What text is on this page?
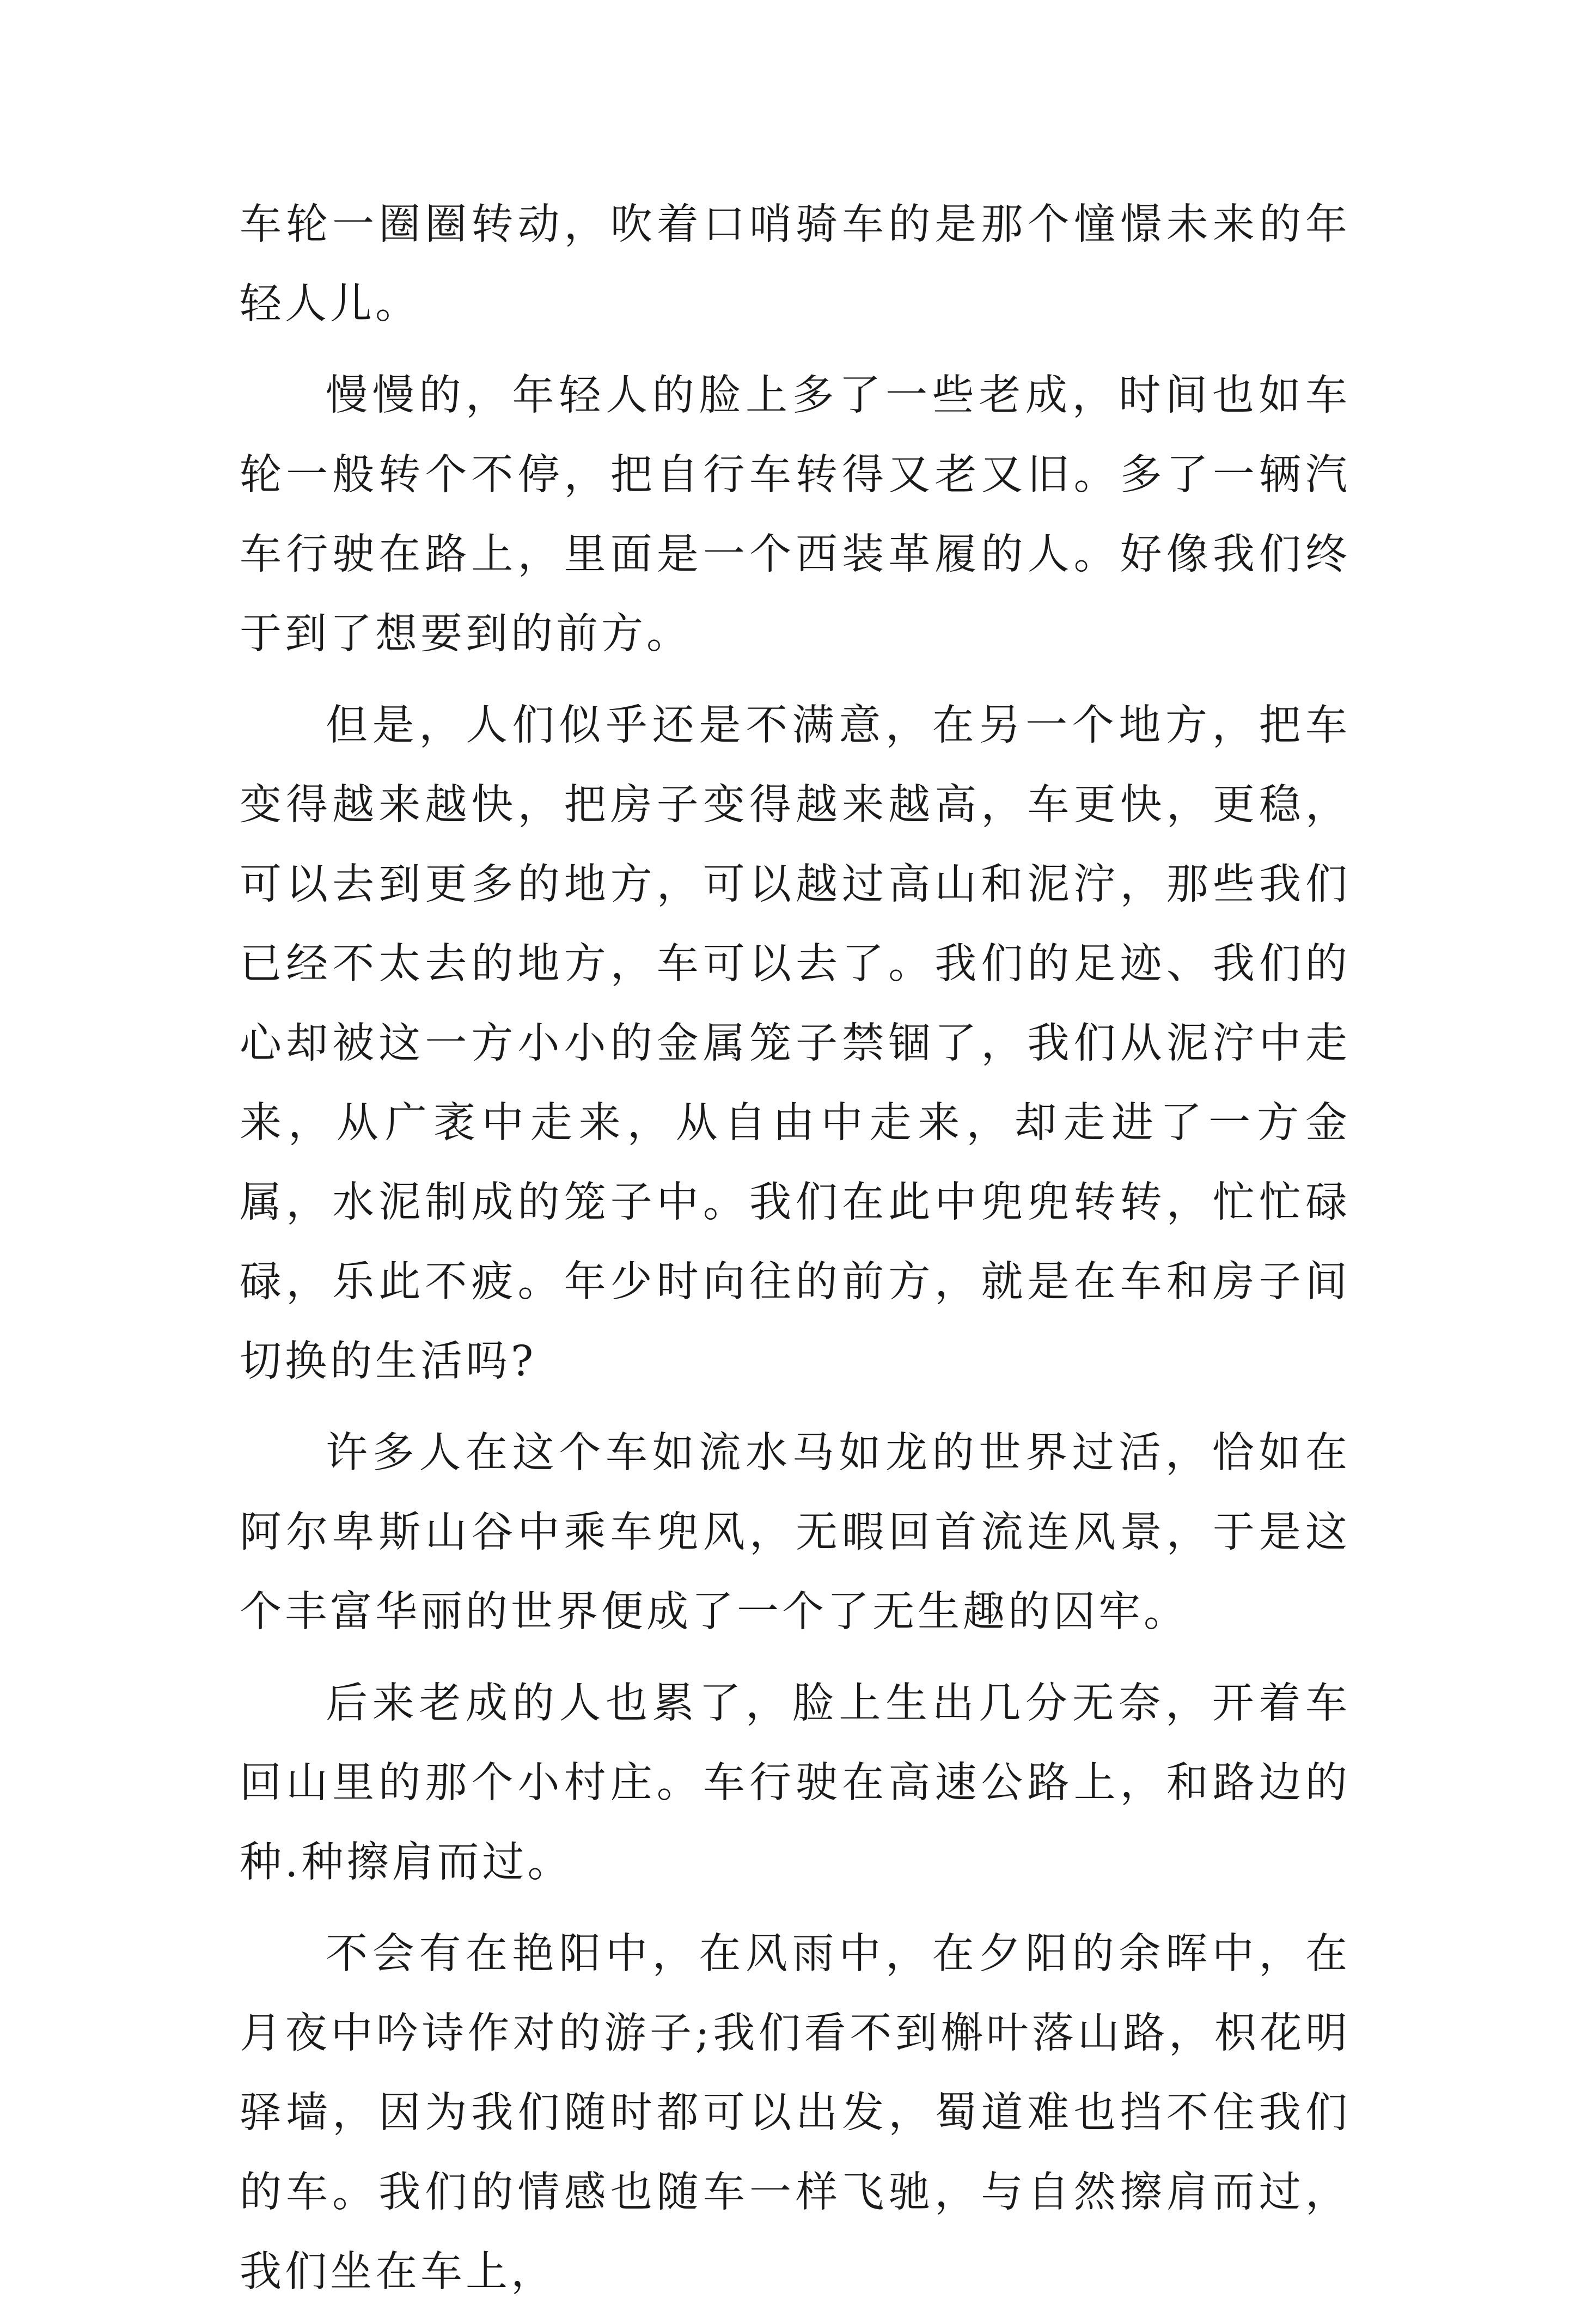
车轮一圈圈转动，吹着口哨骑车的是那个憧憬未来的年轻人儿。

慢慢的，年轻人的脸上多了一些老成，时间也如车轮一般转个不停，把自行车转得又老又旧。多了一辆汽车行驶在路上，里面是一个西装革履的人。好像我们终于到了想要到的前方。

但是，人们似乎还是不满意，在另一个地方，把车变得越来越快，把房子变得越来越高，车更快，更稳，可以去到更多的地方，可以越过高山和泥泞，那些我们已经不太去的地方，车可以去了。我们的足迹、我们的心却被这一方小小的金属笼子禁锢了，我们从泥泞中走来，从广袤中走来，从自由中走来，却走进了一方金属，水泥制成的笼子中。我们在此中兜兜转转，忙忙碌碌，乐此不疲。年少时向往的前方，就是在车和房子间切换的生活吗?

许多人在这个车如流水马如龙的世界过活，恰如在阿尔卑斯山谷中乘车兜风，无暇回首流连风景，于是这个丰富华丽的世界便成了一个了无生趣的囚牢。

后来老成的人也累了，脸上生出几分无奈，开着车回山里的那个小村庄。车行驶在高速公路上，和路边的种.种擦肩而过。

不会有在艳阳中，在风雨中，在夕阳的余晖中，在月夜中吟诗作对的游子;我们看不到槲叶落山路，枳花明驿墙，因为我们随时都可以出发，蜀道难也挡不住我们的车。我们的情感也随车一样飞驰，与自然擦肩而过，我们坐在车上，
